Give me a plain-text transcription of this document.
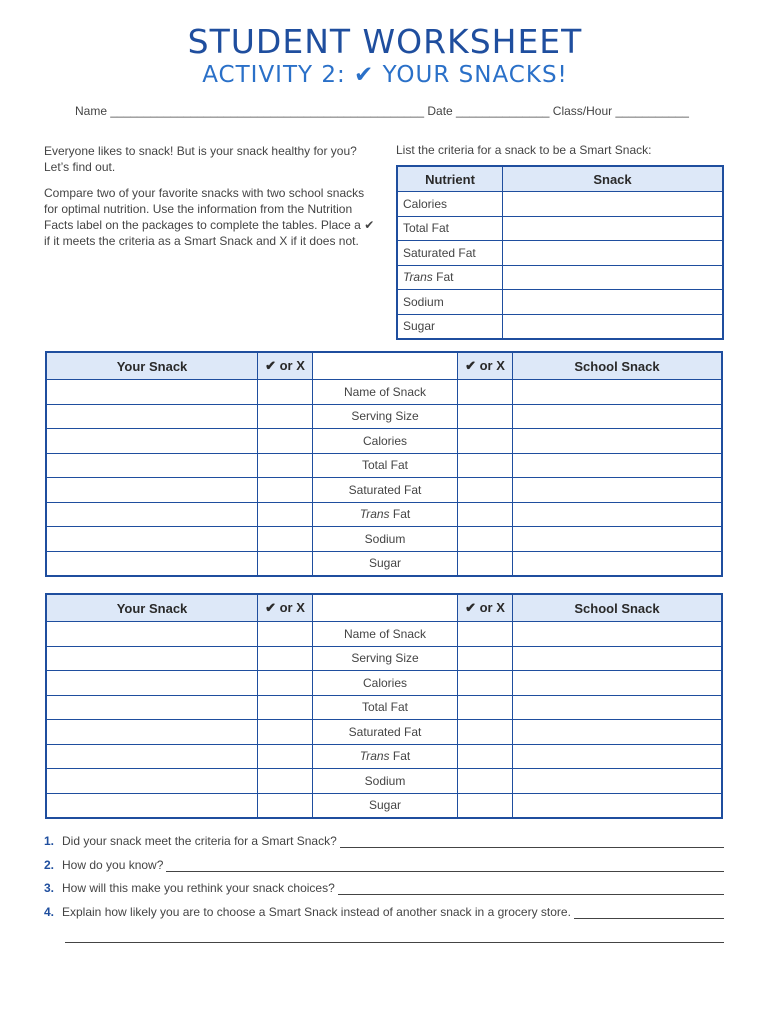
STUDENT WORKSHEET
ACTIVITY 2: ✔ YOUR SNACKS!
Name _______________________________________________ Date ______________ Class/Hour ___________

Everyone likes to snack! But is your snack healthy for you? Let’s find out.

Compare two of your favorite snacks with two school snacks for optimal nutrition. Use the information from the Nutrition Facts label on the packages to complete the tables. Place a ✔ if it meets the criteria as a Smart Snack and X if it does not.

List the criteria for a snack to be a Smart Snack:
Nutrient	Snack
Calories	
Total Fat	
Saturated Fat	
Trans Fat	
Sodium	
Sugar	
Your Snack	✔ or X		✔ or X	School Snack
		Name of Snack		
		Serving Size		
		Calories		
		Total Fat		
		Saturated Fat		
		Trans Fat		
		Sodium		
		Sugar		
Your Snack	✔ or X		✔ or X	School Snack
		Name of Snack		
		Serving Size		
		Calories		
		Total Fat		
		Saturated Fat		
		Trans Fat		
		Sodium		
		Sugar		
1. Did your snack meet the criteria for a Smart Snack?
2. How do you know?
3. How will this make you rethink your snack choices?
4. Explain how likely you are to choose a Smart Snack instead of another snack in a grocery store.
